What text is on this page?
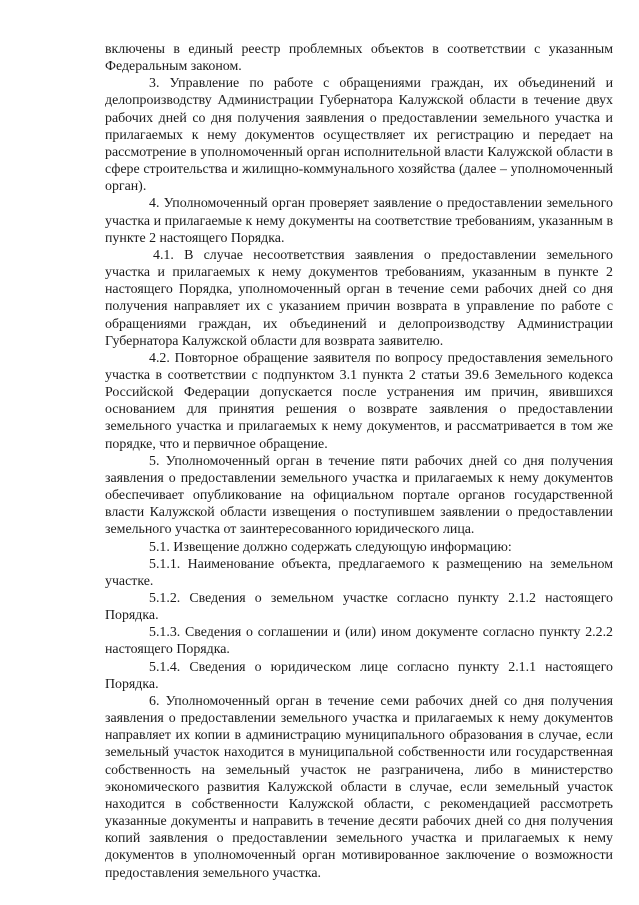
включены в единый реестр проблемных объектов в соответствии с указанным Федеральным законом.

3. Управление по работе с обращениями граждан, их объединений и делопроизводству Администрации Губернатора Калужской области в течение двух рабочих дней со дня получения заявления о предоставлении земельного участка и прилагаемых к нему документов осуществляет их регистрацию и передает на рассмотрение в уполномоченный орган исполнительной власти Калужской области в сфере строительства и жилищно-коммунального хозяйства (далее – уполномоченный орган).

4. Уполномоченный орган проверяет заявление о предоставлении земельного участка и прилагаемые к нему документы на соответствие требованиям, указанным в пункте 2 настоящего Порядка.

4.1. В случае несоответствия заявления о предоставлении земельного участка и прилагаемых к нему документов требованиям, указанным в пункте 2 настоящего Порядка, уполномоченный орган в течение семи рабочих дней со дня получения направляет их с указанием причин возврата в управление по работе с обращениями граждан, их объединений и делопроизводству Администрации Губернатора Калужской области для возврата заявителю.

4.2. Повторное обращение заявителя по вопросу предоставления земельного участка в соответствии с подпунктом 3.1 пункта 2 статьи 39.6 Земельного кодекса Российской Федерации допускается после устранения им причин, явившихся основанием для принятия решения о возврате заявления о предоставлении земельного участка и прилагаемых к нему документов, и рассматривается в том же порядке, что и первичное обращение.

5. Уполномоченный орган в течение пяти рабочих дней со дня получения заявления о предоставлении земельного участка и прилагаемых к нему документов обеспечивает опубликование на официальном портале органов государственной власти Калужской области извещения о поступившем заявлении о предоставлении земельного участка от заинтересованного юридического лица.

5.1. Извещение должно содержать следующую информацию:

5.1.1. Наименование объекта, предлагаемого к размещению на земельном участке.

5.1.2. Сведения о земельном участке согласно пункту 2.1.2 настоящего Порядка.

5.1.3. Сведения о соглашении и (или) ином документе согласно пункту 2.2.2 настоящего Порядка.

5.1.4. Сведения о юридическом лице согласно пункту 2.1.1 настоящего Порядка.

6. Уполномоченный орган в течение семи рабочих дней со дня получения заявления о предоставлении земельного участка и прилагаемых к нему документов направляет их копии в администрацию муниципального образования в случае, если земельный участок находится в муниципальной собственности или государственная собственность на земельный участок не разграничена, либо в министерство экономического развития Калужской области в случае, если земельный участок находится в собственности Калужской области, с рекомендацией рассмотреть указанные документы и направить в течение десяти рабочих дней со дня получения копий заявления о предоставлении земельного участка и прилагаемых к нему документов в уполномоченный орган мотивированное заключение о возможности предоставления земельного участка.
